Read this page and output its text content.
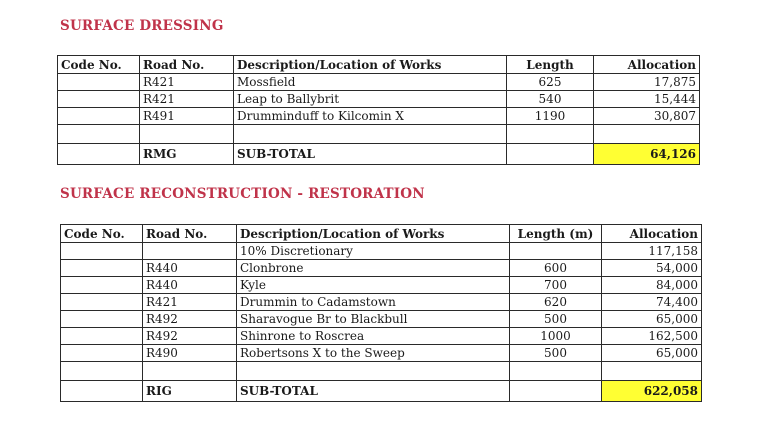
SURFACE DRESSING
Code No.	Road No.	Description/Location of Works	Length	Allocation
	R421	Mossfield	625	17,875
	R421	Leap to Ballybrit	540	15,444
	R491	Drumminduff to Kilcomin X	1190	30,807

	RMG	SUB-TOTAL		64,126
SURFACE RECONSTRUCTION - RESTORATION
Code No.	Road No.	Description/Location of Works	Length (m)	Allocation
		10% Discretionary		117,158
	R440	Clonbrone	600	54,000
	R440	Kyle	700	84,000
	R421	Drummin to Cadamstown	620	74,400
	R492	Sharavogue Br to Blackbull	500	65,000
	R492	Shinrone to Roscrea	1000	162,500
	R490	Robertsons X to the Sweep	500	65,000

	RIG	SUB-TOTAL		622,058
